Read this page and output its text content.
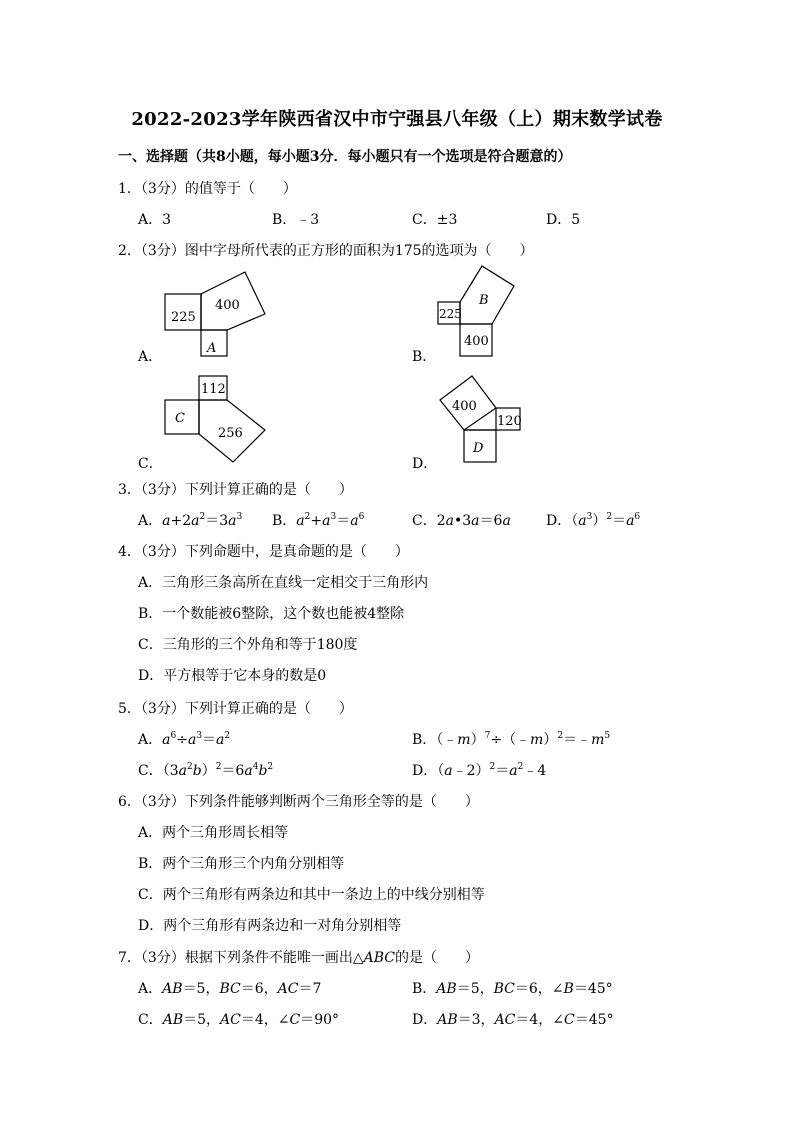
2022-2023学年陕西省汉中市宁强县八年级（上）期末数学试卷
一、选择题（共8小题，每小题3分．每小题只有一个选项是符合题意的）
1．（3分）的值等于（　　）
A．3	B．﹣3	C．±3	D．5
2．（3分）图中字母所代表的正方形的面积为175的选项为（　　）
225
400
A
A．
225
B
400
B．
112
C
256
C．
400
120
D
D．
3．（3分）下列计算正确的是（　　）
A．$a+2a^2=3a^3$ B．$a^2+a^3=a^6$	C．2a•3a＝6a	D．$(a^3)^2=a^6$
4．（3分）下列命题中，是真命题的是（　　）
A．三角形三条高所在直线一定相交于三角形内
B．一个数能被6整除，这个数也能被4整除
C．三角形的三个外角和等于180度
D．平方根等于它本身的数是0
5．（3分）下列计算正确的是（　　）
A．$a^6\div a^3=a^2$	B．$(﹣m)^7\div(﹣m)^2=﹣m^5$
C．$(3a^2b)^2=6a^4b^2$	D．$(a﹣2)^2=a^2﹣4$
6．（3分）下列条件能够判断两个三角形全等的是（　　）
A．两个三角形周长相等
B．两个三角形三个内角分别相等
C．两个三角形有两条边和其中一条边上的中线分别相等
D．两个三角形有两条边和一对角分别相等
7．（3分）根据下列条件不能唯一画出△ABC的是（　　）
A．AB＝5，BC＝6，AC＝7	B．AB＝5，BC＝6，∠B＝45°
C．AB＝5，AC＝4，∠C＝90°	D．AB＝3，AC＝4，∠C＝45°
